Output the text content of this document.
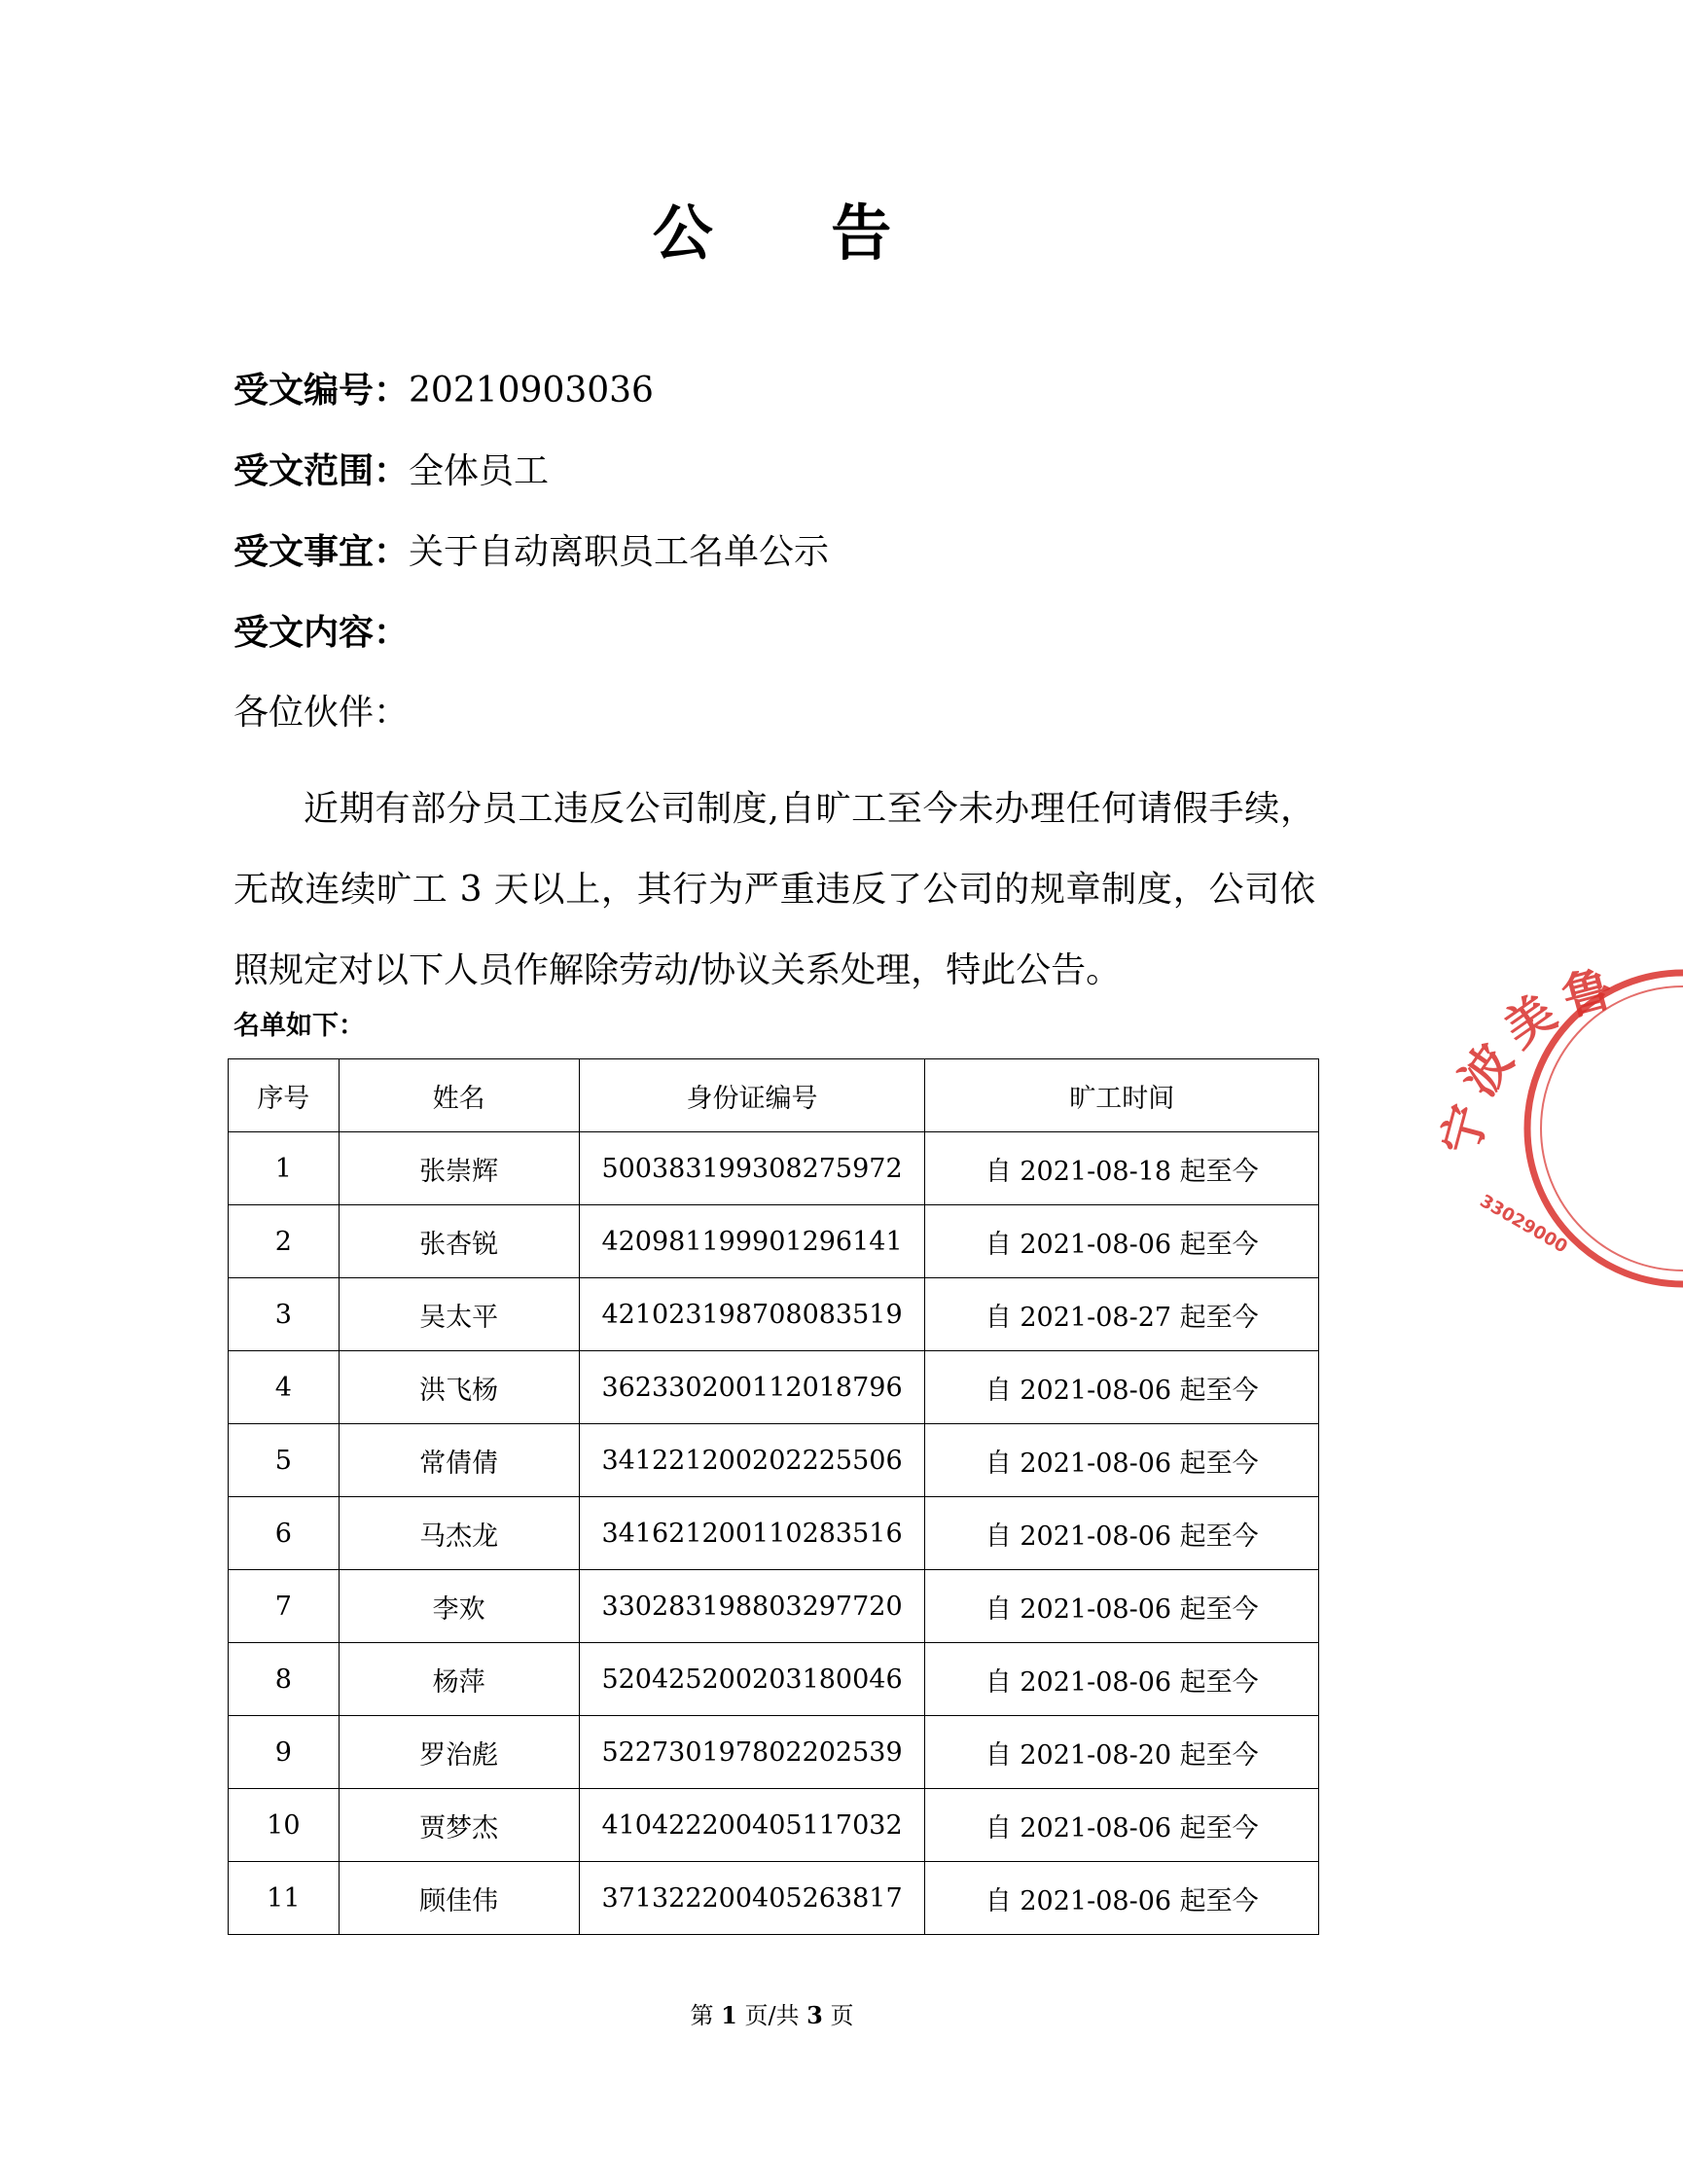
公 告
受文编号：20210903036
受文范围：全体员工
受文事宜：关于自动离职员工名单公示
受文内容：
各位伙伴：
近期有部分员工违反公司制度,自旷工至今未办理任何请假手续，无故连续旷工 3 天以上，其行为严重违反了公司的规章制度，公司依照规定对以下人员作解除劳动/协议关系处理，特此公告。
名单如下：
序号	姓名	身份证编号	旷工时间
1	张崇辉	500383199308275972	自 2021-08-18 起至今
2	张杏锐	420981199901296141	自 2021-08-06 起至今
3	吴太平	421023198708083519	自 2021-08-27 起至今
4	洪飞杨	362330200112018796	自 2021-08-06 起至今
5	常倩倩	341221200202225506	自 2021-08-06 起至今
6	马杰龙	341621200110283516	自 2021-08-06 起至今
7	李欢	330283198803297720	自 2021-08-06 起至今
8	杨萍	520425200203180046	自 2021-08-06 起至今
9	罗治彪	522730197802202539	自 2021-08-20 起至今
10	贾梦杰	410422200405117032	自 2021-08-06 起至今
11	顾佳伟	371322200405263817	自 2021-08-06 起至今
第 1 页/共 3 页
宁
波
美
鲁
33029000
